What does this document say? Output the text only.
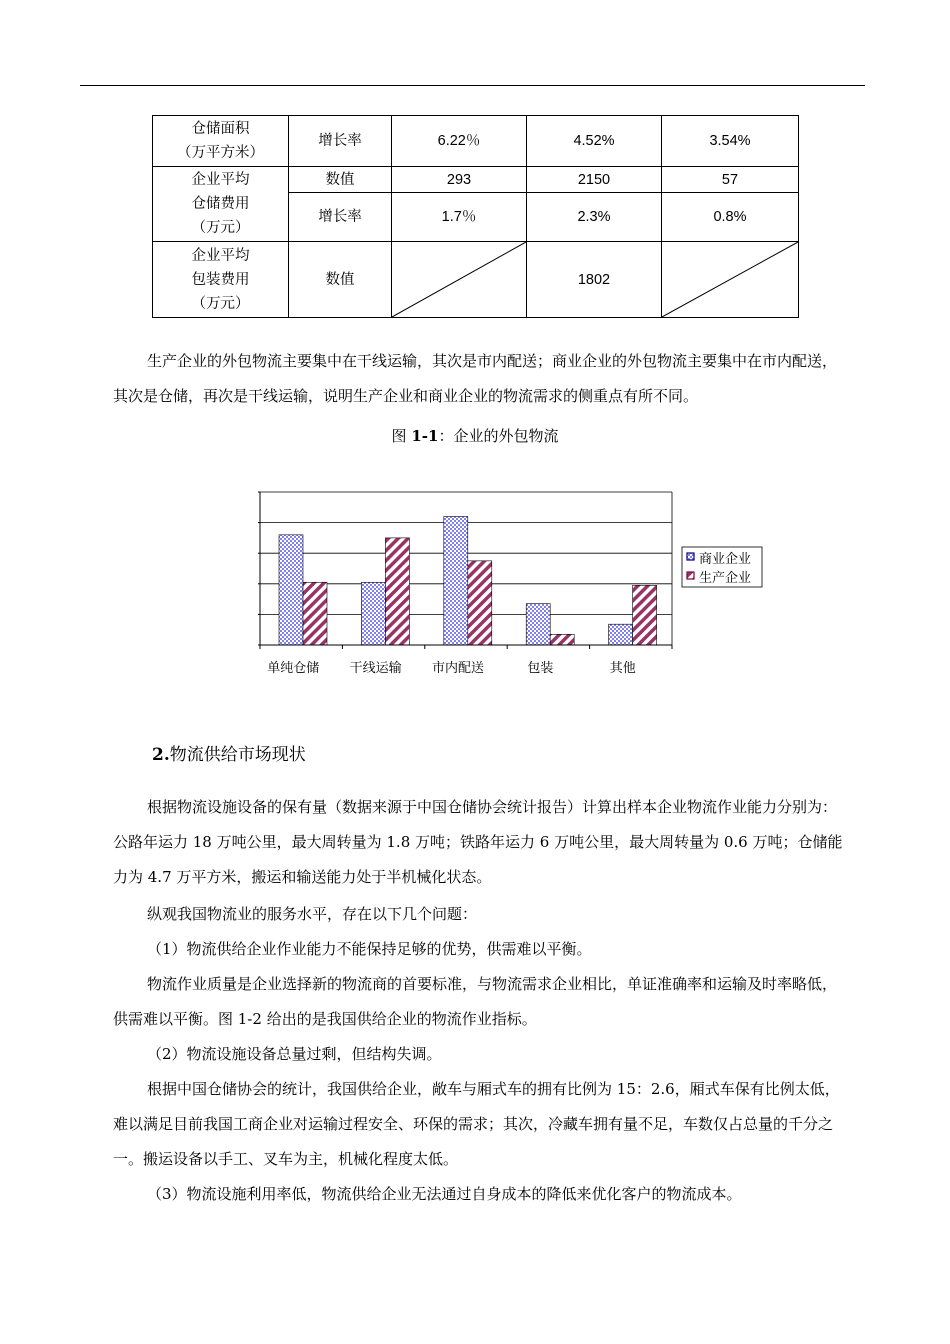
仓储面积
（万平方米）	增长率	6.22％	4.52%	3.54%

企业平均
仓储费用
（万元）	数值	293	2150	57
	增长率	1.7％	2.3%	0.8%

企业平均
包装费用
（万元）	数值		1802	

生产企业的外包物流主要集中在干线运输，其次是市内配送；商业企业的外包物流主要集中在市内配送，其次是仓储，再次是干线运输，说明生产企业和商业企业的物流需求的侧重点有所不同。

图 1-1：企业的外包物流
单纯仓储 干线运输 市内配送	包装	其他
商业企业
生产企业
2.物流供给市场现状

根据物流设施设备的保有量（数据来源于中国仓储协会统计报告）计算出样本企业物流作业能力分别为：公路年运力 18 万吨公里，最大周转量为 1.8 万吨；铁路年运力 6 万吨公里，最大周转量为 0.6 万吨；仓储能力为 4.7 万平方米，搬运和输送能力处于半机械化状态。

纵观我国物流业的服务水平，存在以下几个问题：

（1）物流供给企业作业能力不能保持足够的优势，供需难以平衡。

物流作业质量是企业选择新的物流商的首要标准，与物流需求企业相比，单证准确率和运输及时率略低，供需难以平衡。图 1-2 给出的是我国供给企业的物流作业指标。

（2）物流设施设备总量过剩，但结构失调。

根据中国仓储协会的统计，我国供给企业，敞车与厢式车的拥有比例为 15：2.6，厢式车保有比例太低，难以满足目前我国工商企业对运输过程安全、环保的需求；其次，冷藏车拥有量不足，车数仅占总量的千分之一。搬运设备以手工、叉车为主，机械化程度太低。

（3）物流设施利用率低，物流供给企业无法通过自身成本的降低来优化客户的物流成本。
